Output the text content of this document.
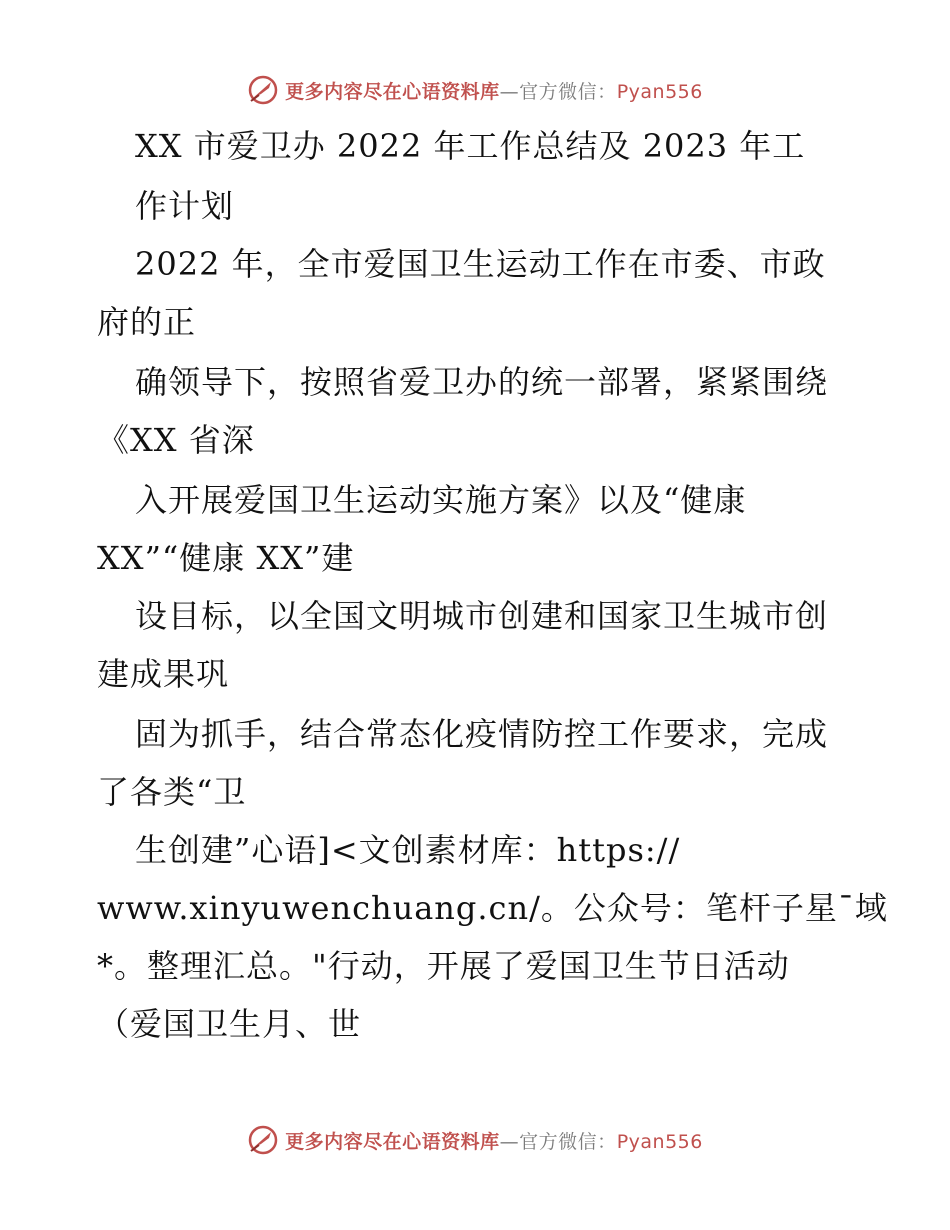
更多内容尽在心语资料库—官方微信：Pyan556
XX 市爱卫办 2022 年工作总结及 2023 年工
作计划
2022 年，全市爱国卫生运动工作在市委、市政
府的正
确领导下，按照省爱卫办的统一部署，紧紧围绕
《XX 省深
入开展爱国卫生运动实施方案》以及“健康
XX”“健康 XX”建
设目标，以全国文明城市创建和国家卫生城市创
建成果巩
固为抓手，结合常态化疫情防控工作要求，完成
了各类“卫
生创建”心语]<文创素材库：https://
www.xinyuwenchuang.cn/。公众号：笔杆子星¯域
*。整理汇总。"行动，开展了爱国卫生节日活动
（爱国卫生月、世
更多内容尽在心语资料库—官方微信：Pyan556
